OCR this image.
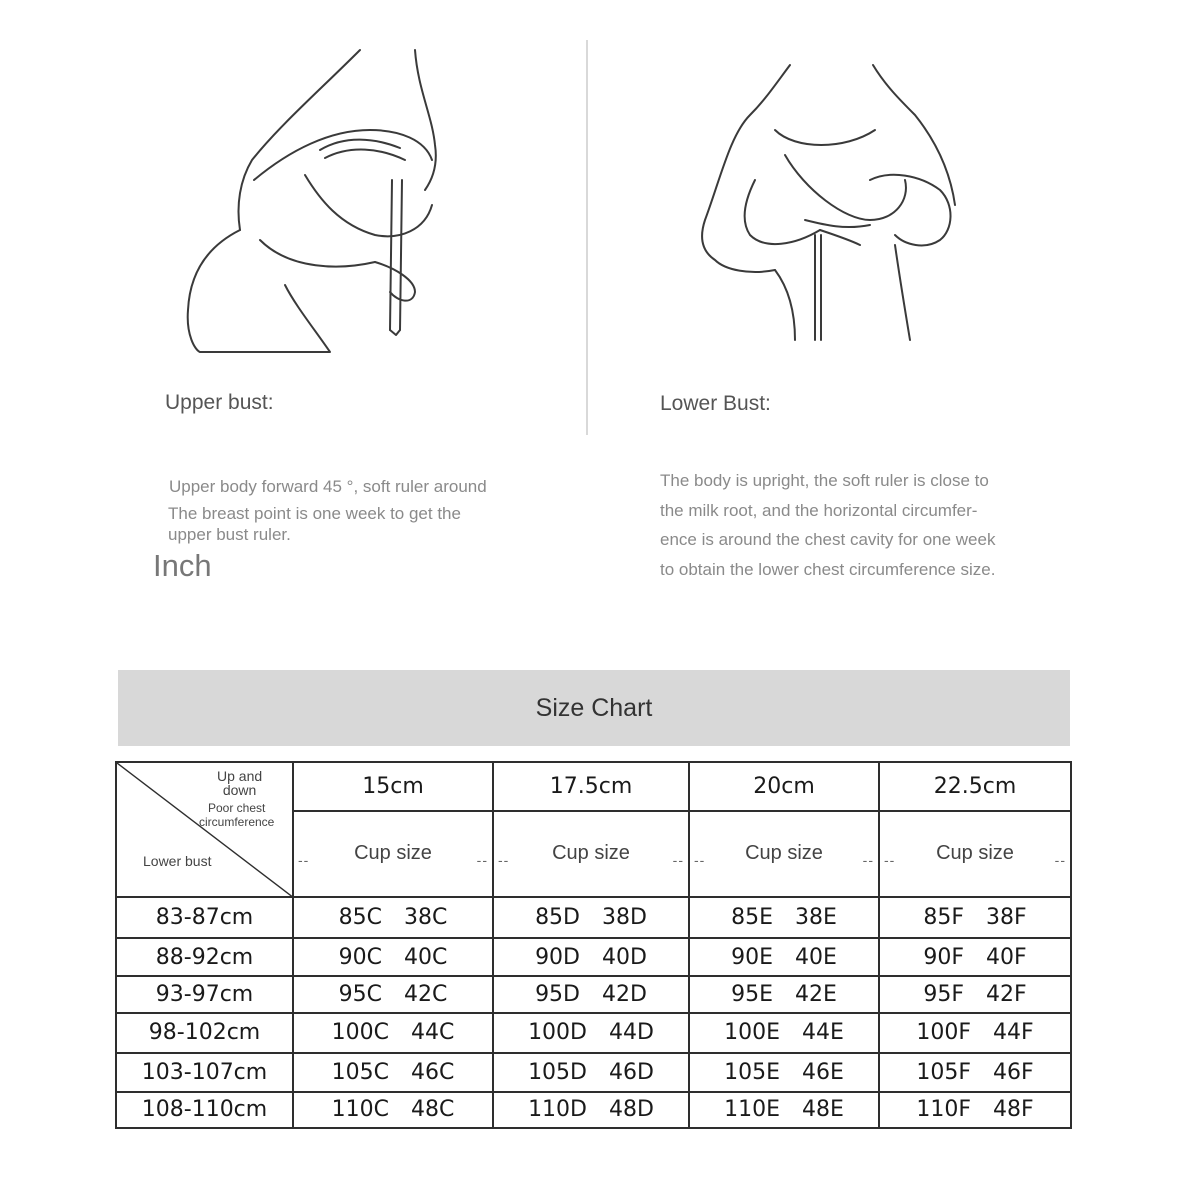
Upper bust:
Upper body forward 45 °, soft ruler around
The breast point is one week to get the
upper bust ruler.
Inch
Lower Bust:
The body is upright, the soft ruler is close to
the milk root, and the horizontal circumfer-
ence is around the chest cavity for one week
to obtain the lower chest circumference size.
Size Chart
Up and
down
Poor chest
circumference
Lower bust	15cm	17.5cm	20cm	22.5cm

	-- Cup size --	-- Cup size --	-- Cup size --	-- Cup size --

83-87cm	85C 38C	85D 38D	85E 38E	85F 38F
88-92cm	90C 40C	90D 40D	90E 40E	90F 40F
93-97cm	95C 42C	95D 42D	95E 42E	95F 42F
98-102cm	100C 44C	100D 44D	100E 44E	100F 44F
103-107cm	105C 46C	105D 46D	105E 46E	105F 46F
108-110cm	110C 48C	110D 48D	110E 48E	110F 48F
